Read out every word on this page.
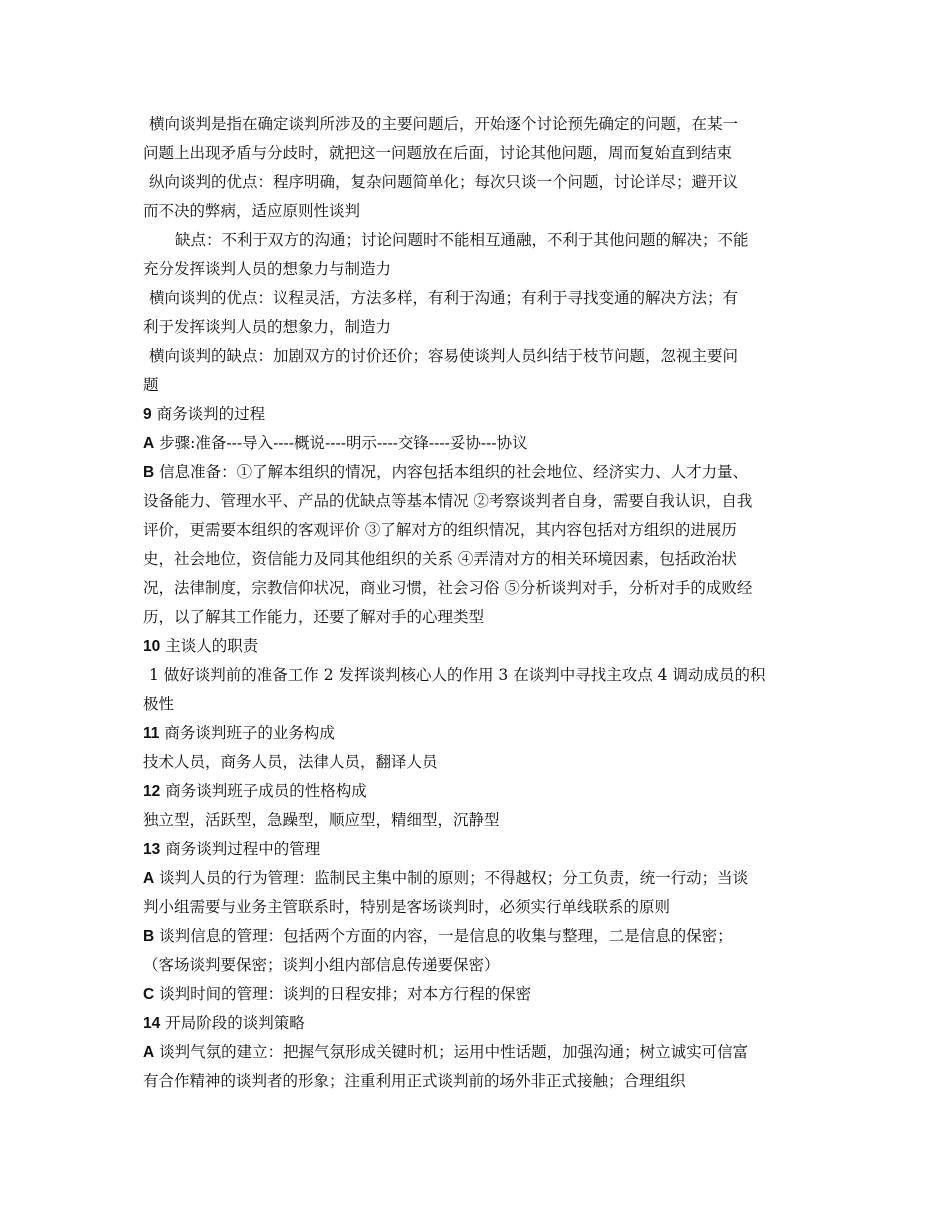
横向谈判是指在确定谈判所涉及的主要问题后，开始逐个讨论预先确定的问题，在某一
问题上出现矛盾与分歧时，就把这一问题放在后面，讨论其他问题，周而复始直到结束
纵向谈判的优点：程序明确，复杂问题简单化；每次只谈一个问题，讨论详尽；避开议
而不决的弊病，适应原则性谈判
缺点：不利于双方的沟通；讨论问题时不能相互通融，不利于其他问题的解决；不能
充分发挥谈判人员的想象力与制造力
横向谈判的优点：议程灵活，方法多样，有利于沟通；有利于寻找变通的解决方法；有
利于发挥谈判人员的想象力，制造力
横向谈判的缺点：加剧双方的讨价还价；容易使谈判人员纠结于枝节问题，忽视主要问
题
9 商务谈判的过程
A 步骤:准备---导入----概说----明示----交锋----妥协---协议
B 信息准备：①了解本组织的情况，内容包括本组织的社会地位、经济实力、人才力量、
设备能力、管理水平、产品的优缺点等基本情况 ②考察谈判者自身，需要自我认识，自我
评价，更需要本组织的客观评价 ③了解对方的组织情况，其内容包括对方组织的进展历
史，社会地位，资信能力及同其他组织的关系 ④弄清对方的相关环境因素，包括政治状
况，法律制度，宗教信仰状况，商业习惯，社会习俗 ⑤分析谈判对手，分析对手的成败经
历，以了解其工作能力，还要了解对手的心理类型
10 主谈人的职责
1 做好谈判前的准备工作 2 发挥谈判核心人的作用 3 在谈判中寻找主攻点 4 调动成员的积
极性
11 商务谈判班子的业务构成
技术人员，商务人员，法律人员，翻译人员
12 商务谈判班子成员的性格构成
独立型，活跃型，急躁型，顺应型，精细型，沉静型
13 商务谈判过程中的管理
A 谈判人员的行为管理：监制民主集中制的原则；不得越权；分工负责，统一行动；当谈
判小组需要与业务主管联系时，特别是客场谈判时，必须实行单线联系的原则
B 谈判信息的管理：包括两个方面的内容，一是信息的收集与整理，二是信息的保密；
（客场谈判要保密；谈判小组内部信息传递要保密）
C 谈判时间的管理：谈判的日程安排；对本方行程的保密
14 开局阶段的谈判策略
A 谈判气氛的建立：把握气氛形成关键时机；运用中性话题，加强沟通；树立诚实可信富
有合作精神的谈判者的形象；注重利用正式谈判前的场外非正式接触；合理组织
